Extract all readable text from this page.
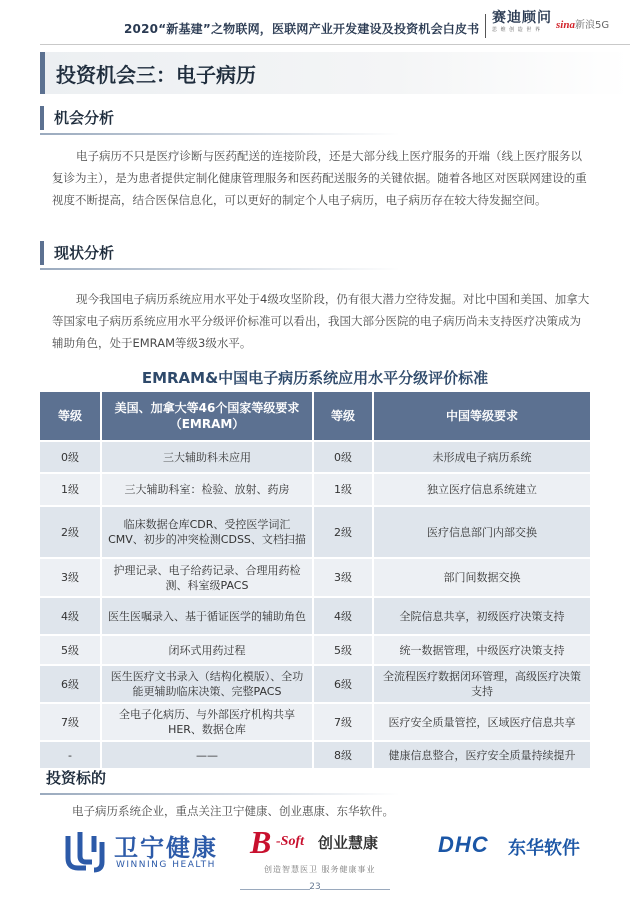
2020“新基建”之物联网，医联网产业开发建设及投资机会白皮书
赛迪顾问
思 维 创 造 世 界	sina新浪5G
投资机会三：电子病历
机会分析
电子病历不只是医疗诊断与医药配送的连接阶段，还是大部分线上医疗服务的开端（线上医疗服务以复诊为主），是为患者提供定制化健康管理服务和医药配送服务的关键依据。随着各地区对医联网建设的重视度不断提高，结合医保信息化，可以更好的制定个人电子病历，电子病历存在较大待发掘空间。
现状分析
现今我国电子病历系统应用水平处于4级攻坚阶段，仍有很大潜力空待发掘。对比中国和美国、加拿大等国家电子病历系统应用水平分级评价标准可以看出，我国大部分医院的电子病历尚未支持医疗决策成为辅助角色，处于EMRAM等级3级水平。
EMRAM&中国电子病历系统应用水平分级评价标准
等级	美国、加拿大等46个国家等级要求（EMRAM）	等级	中国等级要求
0级	三大辅助科未应用	0级	未形成电子病历系统
1级	三大辅助科室：检验、放射、药房	1级	独立医疗信息系统建立
2级	临床数据仓库CDR、受控医学词汇CMV、初步的冲突检测CDSS、文档扫描	2级	医疗信息部门内部交换
3级	护理记录、电子给药记录、合理用药检测、科室级PACS	3级	部门间数据交换
4级	医生医嘱录入、基于循证医学的辅助角色	4级	全院信息共享，初级医疗决策支持
5级	闭环式用药过程	5级	统一数据管理，中级医疗决策支持
6级	医生医疗文书录入（结构化模版）、全功能更辅助临床决策、完整PACS	6级	全流程医疗数据闭环管理，高级医疗决策支持
7级	全电子化病历、与外部医疗机构共享HER、数据仓库	7级	医疗安全质量管控，区域医疗信息共享
-	——	8级	健康信息整合，医疗安全质量持续提升
投资标的
电子病历系统企业，重点关注卫宁健康、创业惠康、东华软件。
卫宁健康
WINNING HEALTH
B -Soft 创业慧康
创造智慧医卫 服务健康事业
DHC 东华软件
23
